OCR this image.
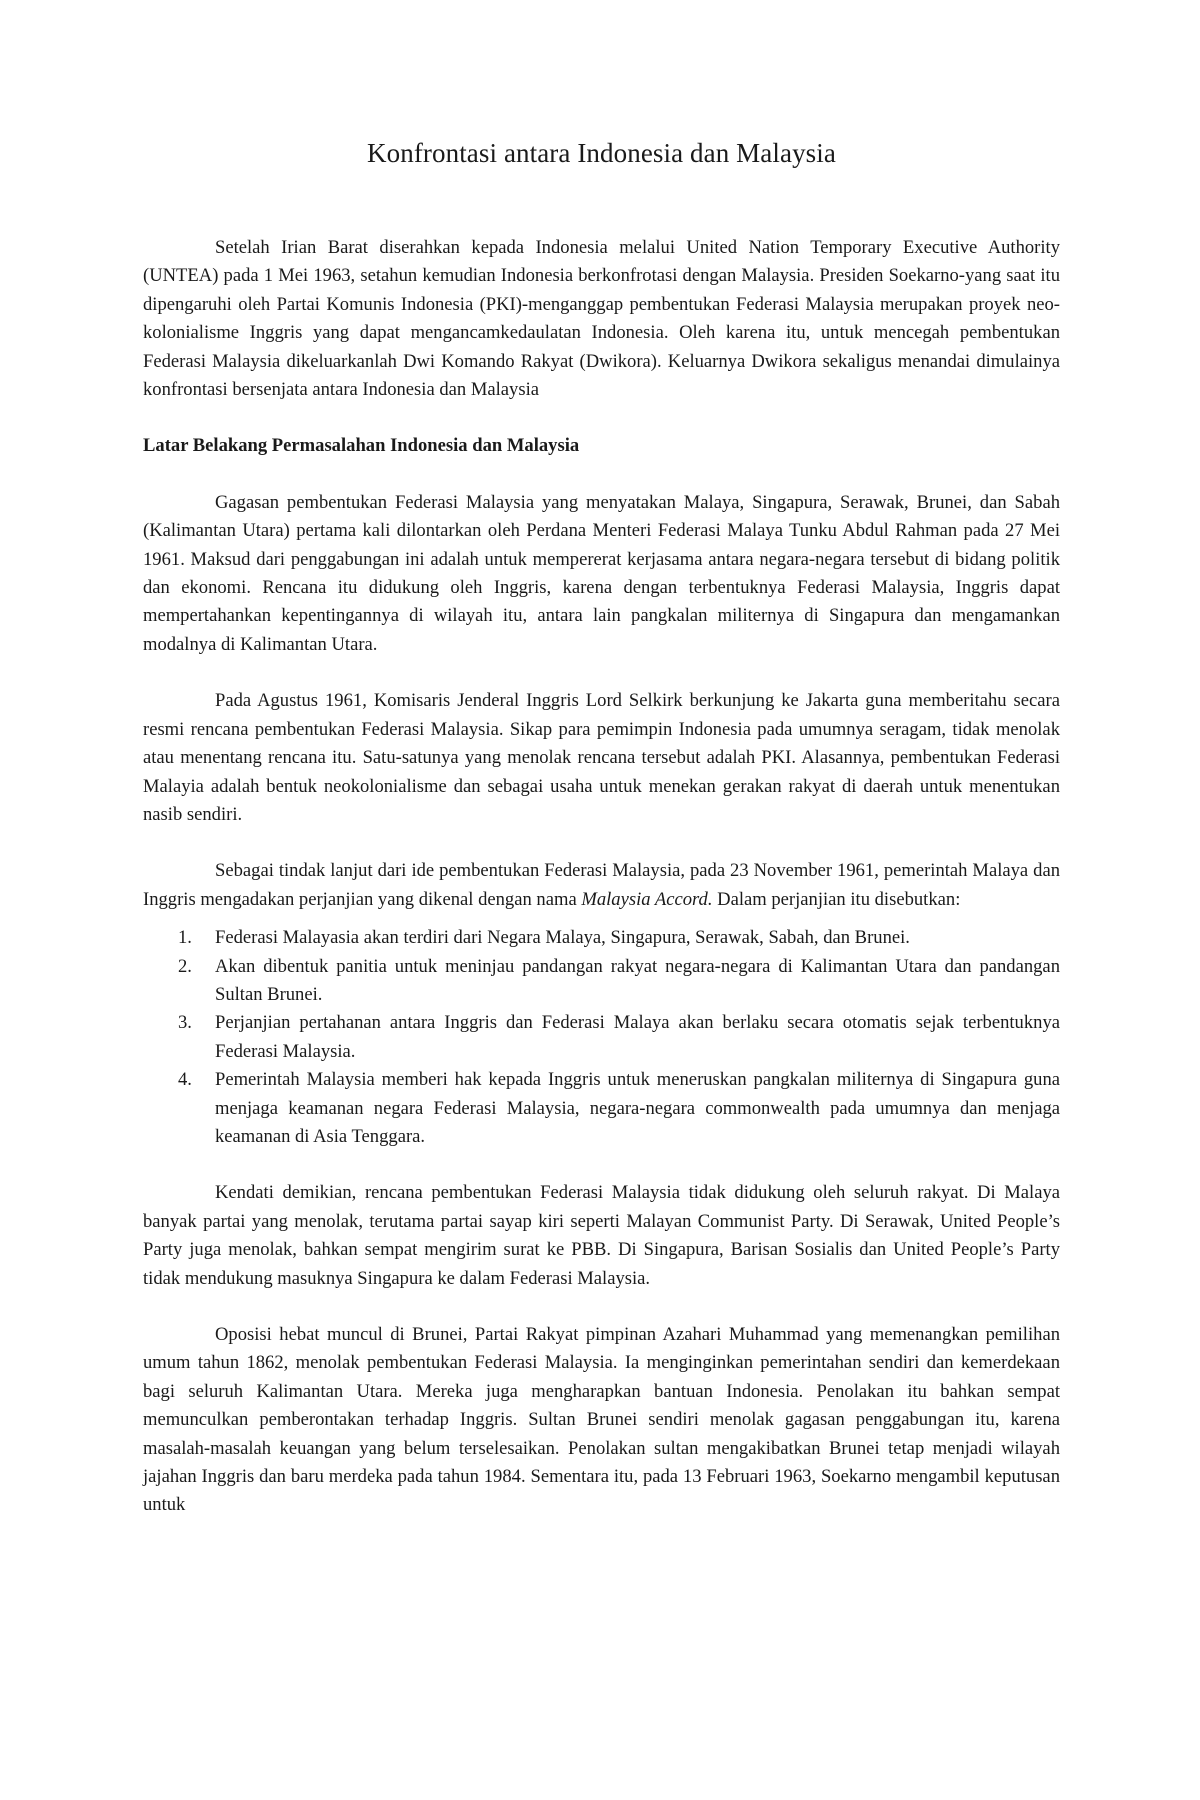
Konfrontasi antara Indonesia dan Malaysia

Setelah Irian Barat diserahkan kepada Indonesia melalui United Nation Temporary Executive Authority (UNTEA) pada 1 Mei 1963, setahun kemudian Indonesia berkonfrotasi dengan Malaysia. Presiden Soekarno-yang saat itu dipengaruhi oleh Partai Komunis Indonesia (PKI)-menganggap pembentukan Federasi Malaysia merupakan proyek neo-kolonialisme Inggris yang dapat mengancamkedaulatan Indonesia. Oleh karena itu, untuk mencegah pembentukan Federasi Malaysia dikeluarkanlah Dwi Komando Rakyat (Dwikora). Keluarnya Dwikora sekaligus menandai dimulainya konfrontasi bersenjata antara Indonesia dan Malaysia

Latar Belakang Permasalahan Indonesia dan Malaysia

Gagasan pembentukan Federasi Malaysia yang menyatakan Malaya, Singapura, Serawak, Brunei, dan Sabah (Kalimantan Utara) pertama kali dilontarkan oleh Perdana Menteri Federasi Malaya Tunku Abdul Rahman pada 27 Mei 1961. Maksud dari penggabungan ini adalah untuk mempererat kerjasama antara negara-negara tersebut di bidang politik dan ekonomi. Rencana itu didukung oleh Inggris, karena dengan terbentuknya Federasi Malaysia, Inggris dapat mempertahankan kepentingannya di wilayah itu, antara lain pangkalan militernya di Singapura dan mengamankan modalnya di Kalimantan Utara.

Pada Agustus 1961, Komisaris Jenderal Inggris Lord Selkirk berkunjung ke Jakarta guna memberitahu secara resmi rencana pembentukan Federasi Malaysia. Sikap para pemimpin Indonesia pada umumnya seragam, tidak menolak atau menentang rencana itu. Satu-satunya yang menolak rencana tersebut adalah PKI. Alasannya, pembentukan Federasi Malayia adalah bentuk neokolonialisme dan sebagai usaha untuk menekan gerakan rakyat di daerah untuk menentukan nasib sendiri.

Sebagai tindak lanjut dari ide pembentukan Federasi Malaysia, pada 23 November 1961, pemerintah Malaya dan Inggris mengadakan perjanjian yang dikenal dengan nama Malaysia Accord. Dalam perjanjian itu disebutkan:

1. Federasi Malayasia akan terdiri dari Negara Malaya, Singapura, Serawak, Sabah, dan Brunei.
2. Akan dibentuk panitia untuk meninjau pandangan rakyat negara-negara di Kalimantan Utara dan pandangan Sultan Brunei.
3. Perjanjian pertahanan antara Inggris dan Federasi Malaya akan berlaku secara otomatis sejak terbentuknya Federasi Malaysia.
4. Pemerintah Malaysia memberi hak kepada Inggris untuk meneruskan pangkalan militernya di Singapura guna menjaga keamanan negara Federasi Malaysia, negara-negara commonwealth pada umumnya dan menjaga keamanan di Asia Tenggara.

Kendati demikian, rencana pembentukan Federasi Malaysia tidak didukung oleh seluruh rakyat. Di Malaya banyak partai yang menolak, terutama partai sayap kiri seperti Malayan Communist Party. Di Serawak, United People’s Party juga menolak, bahkan sempat mengirim surat ke PBB. Di Singapura, Barisan Sosialis dan United People’s Party tidak mendukung masuknya Singapura ke dalam Federasi Malaysia.

Oposisi hebat muncul di Brunei, Partai Rakyat pimpinan Azahari Muhammad yang memenangkan pemilihan umum tahun 1862, menolak pembentukan Federasi Malaysia. Ia menginginkan pemerintahan sendiri dan kemerdekaan bagi seluruh Kalimantan Utara. Mereka juga mengharapkan bantuan Indonesia. Penolakan itu bahkan sempat memunculkan pemberontakan terhadap Inggris. Sultan Brunei sendiri menolak gagasan penggabungan itu, karena masalah-masalah keuangan yang belum terselesaikan. Penolakan sultan mengakibatkan Brunei tetap menjadi wilayah jajahan Inggris dan baru merdeka pada tahun 1984. Sementara itu, pada 13 Februari 1963, Soekarno mengambil keputusan untuk
